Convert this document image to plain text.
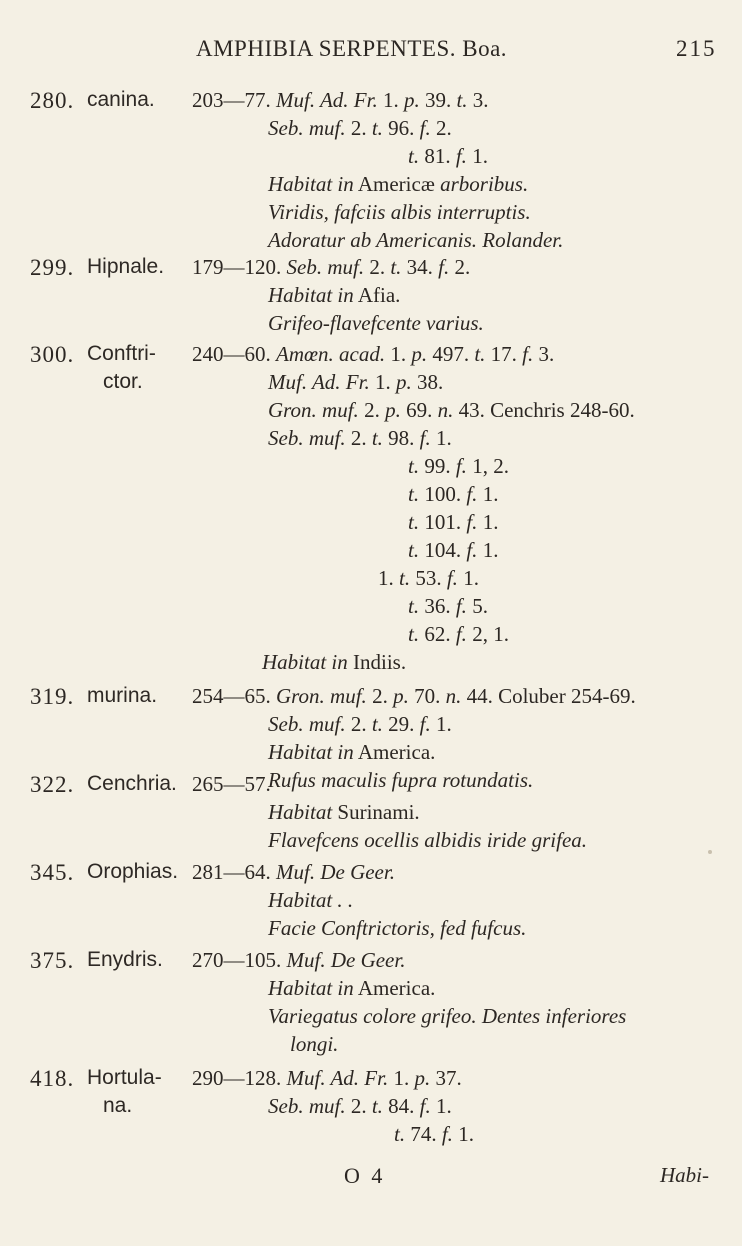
AMPHIBIA SERPENTES. Boa.	215
280. canina. 203—77. Muf. Ad. Fr. 1. p. 39. t. 3.
Seb. muf. 2. t. 96. f. 2.
t. 81. f. 1.
Habitat in Americæ arboribus.
Viridis, fafciis albis interruptis.
Adoratur ab Americanis. Rolander.
299. Hipnale. 179—120. Seb. muf. 2. t. 34. f. 2.
Habitat in Afia.
Grifeo-flavefcente varius.
300. Conftri-
ctor.
240—60. Amœn. acad. 1. p. 497. t. 17. f. 3.
Muf. Ad. Fr. 1. p. 38.
Gron. muf. 2. p. 69. n. 43. Cenchris 248-60.
Seb. muf. 2. t. 98. f. 1.
t. 99. f. 1, 2.
t. 100. f. 1.
t. 101. f. 1.
t. 104. f. 1.
1. t. 53. f. 1.
t. 36. f. 5.
t. 62. f. 2, 1.
Habitat in Indiis.
319. murina. 254—65. Gron. muf. 2. p. 70. n. 44. Coluber 254-69.
Seb. muf. 2. t. 29. f. 1.
Habitat in America.
Rufus maculis fupra rotundatis.
322. Cenchria. 265—57.
Habitat Surinami.
Flavefcens ocellis albidis iride grifea.
345. Orophias. 281—64. Muf. De Geer.
Habitat . .
Facie Conftrictoris, fed fufcus.
375. Enydris. 270—105. Muf. De Geer.
Habitat in America.
Variegatus colore grifeo. Dentes inferiores
longi.
418. Hortula-
na.
290—128. Muf. Ad. Fr. 1. p. 37.
Seb. muf. 2. t. 84. f. 1.
t. 74. f. 1.
O 4	Habi-
